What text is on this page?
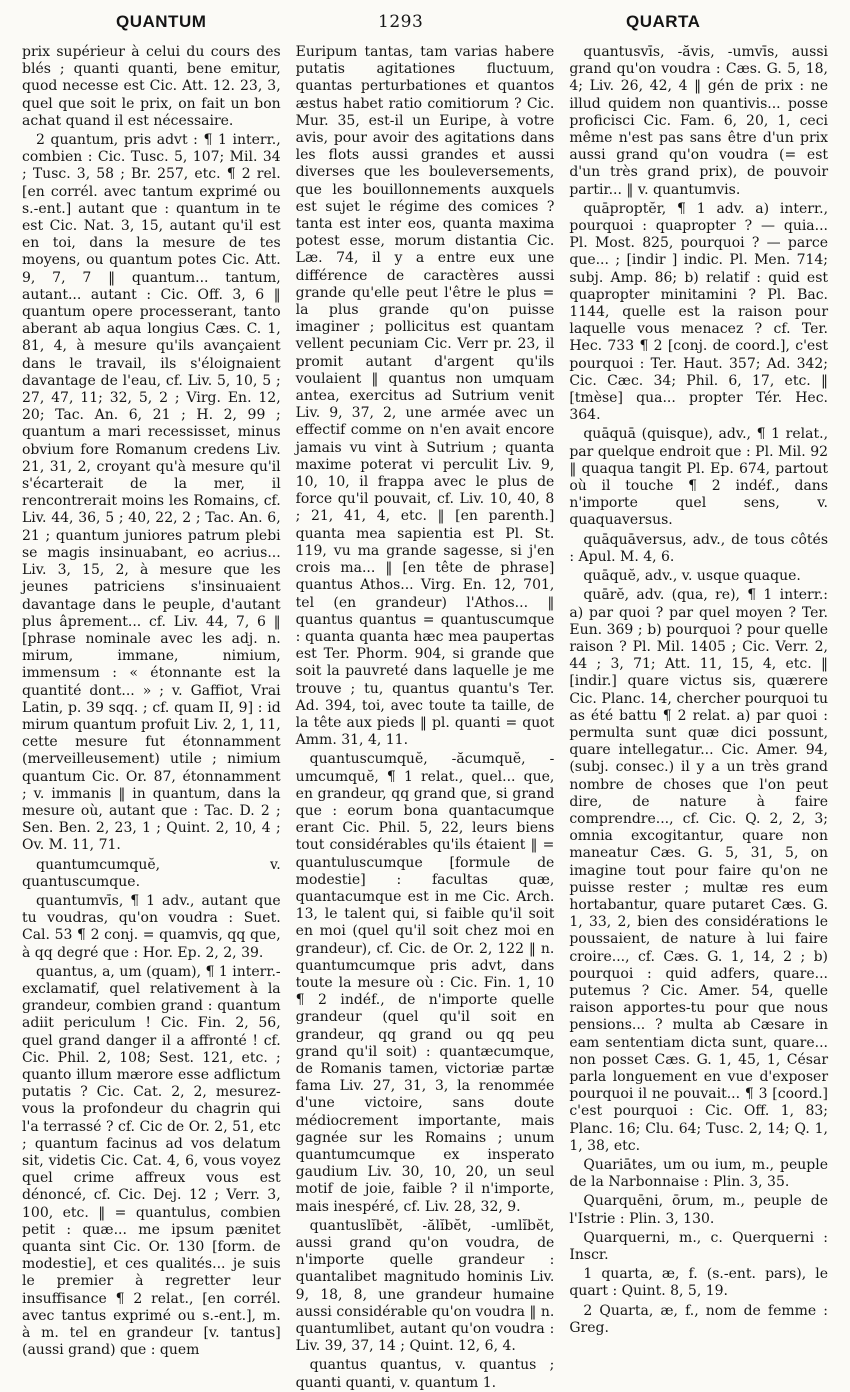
QUANTUM	1293	QUARTA

prix supérieur à celui du cours des blés ; quanti quanti, bene emitur, quod necesse est Cic. Att. 12. 23, 3, quel que soit le prix, on fait un bon achat quand il est nécessaire.

2 quantum, pris advt : ¶ 1 interr., combien : Cic. Tusc. 5, 107; Mil. 34 ; Tusc. 3, 58 ; Br. 257, etc. ¶ 2 rel. [en corrél. avec tantum exprimé ou s.-ent.] autant que : quantum in te est Cic. Nat. 3, 15, autant qu'il est en toi, dans la mesure de tes moyens, ou quantum potes Cic. Att. 9, 7, 7 ‖ quantum... tantum, autant... autant : Cic. Off. 3, 6 ‖ quantum opere processerant, tanto aberant ab aqua longius Cæs. C. 1, 81, 4, à mesure qu'ils avançaient dans le travail, ils s'éloignaient davantage de l'eau, cf. Liv. 5, 10, 5 ; 27, 47, 11; 32, 5, 2 ; Virg. En. 12, 20; Tac. An. 6, 21 ; H. 2, 99 ; quantum a mari recessisset, minus obvium fore Romanum credens Liv. 21, 31, 2, croyant qu'à mesure qu'il s'écarterait de la mer, il rencontrerait moins les Romains, cf. Liv. 44, 36, 5 ; 40, 22, 2 ; Tac. An. 6, 21 ; quantum juniores patrum plebi se magis insinuabant, eo acrius... Liv. 3, 15, 2, à mesure que les jeunes patriciens s'insinuaient davantage dans le peuple, d'autant plus âprement... cf. Liv. 44, 7, 6 ‖ [phrase nominale avec les adj. n. mirum, immane, nimium, immensum : « étonnante est la quantité dont... » ; v. Gaffiot, Vrai Latin, p. 39 sqq. ; cf. quam II, 9] : id mirum quantum profuit Liv. 2, 1, 11, cette mesure fut étonnamment (merveilleusement) utile ; nimium quantum Cic. Or. 87, étonnamment ; v. immanis ‖ in quantum, dans la mesure où, autant que : Tac. D. 2 ; Sen. Ben. 2, 23, 1 ; Quint. 2, 10, 4 ; Ov. M. 11, 71.

quantumcumquĕ, v. quantuscumque.

quantumvīs, ¶ 1 adv., autant que tu voudras, qu'on voudra : Suet. Cal. 53 ¶ 2 conj. = quamvis, qq que, à qq degré que : Hor. Ep. 2, 2, 39.

quantus, a, um (quam), ¶ 1 interr.-exclamatif, quel relativement à la grandeur, combien grand : quantum adiit periculum ! Cic. Fin. 2, 56, quel grand danger il a affronté ! cf. Cic. Phil. 2, 108; Sest. 121, etc. ; quanto illum mærore esse adflictum putatis ? Cic. Cat. 2, 2, mesurez-vous la profondeur du chagrin qui l'a terrassé ? cf. Cic de Or. 2, 51, etc ; quantum facinus ad vos delatum sit, videtis Cic. Cat. 4, 6, vous voyez quel crime affreux vous est dénoncé, cf. Cic. Dej. 12 ; Verr. 3, 100, etc. ‖ = quantulus, combien petit : quæ... me ipsum pænitet quanta sint Cic. Or. 130 [form. de modestie], et ces qualités... je suis le premier à regretter leur insuffisance ¶ 2 relat., [en corrél. avec tantus exprimé ou s.-ent.], m. à m. tel en grandeur [v. tantus] (aussi grand) que : quem

Euripum tantas, tam varias habere putatis agitationes fluctuum, quantas perturbationes et quantos æstus habet ratio comitiorum ? Cic. Mur. 35, est-il un Euripe, à votre avis, pour avoir des agitations dans les flots aussi grandes et aussi diverses que les bouleversements, que les bouillonnements auxquels est sujet le régime des comices ? tanta est inter eos, quanta maxima potest esse, morum distantia Cic. Læ. 74, il y a entre eux une différence de caractères aussi grande qu'elle peut l'être le plus = la plus grande qu'on puisse imaginer ; pollicitus est quantam vellent pecuniam Cic. Verr pr. 23, il promit autant d'argent qu'ils voulaient ‖ quantus non umquam antea, exercitus ad Sutrium venit Liv. 9, 37, 2, une armée avec un effectif comme on n'en avait encore jamais vu vint à Sutrium ; quanta maxime poterat vi perculit Liv. 9, 10, 10, il frappa avec le plus de force qu'il pouvait, cf. Liv. 10, 40, 8 ; 21, 41, 4, etc. ‖ [en parenth.] quanta mea sapientia est Pl. St. 119, vu ma grande sagesse, si j'en crois ma... ‖ [en tête de phrase] quantus Athos... Virg. En. 12, 701, tel (en grandeur) l'Athos... ‖ quantus quantus = quantuscumque : quanta quanta hæc mea paupertas est Ter. Phorm. 904, si grande que soit la pauvreté dans laquelle je me trouve ; tu, quantus quantu's Ter. Ad. 394, toi, avec toute ta taille, de la tête aux pieds ‖ pl. quanti = quot Amm. 31, 4, 11.

quantuscumquĕ, -ăcumquĕ, -umcumquĕ, ¶ 1 relat., quel... que, en grandeur, qq grand que, si grand que : eorum bona quantacumque erant Cic. Phil. 5, 22, leurs biens tout considérables qu'ils étaient ‖ = quantuluscumque [formule de modestie] : facultas quæ, quantacumque est in me Cic. Arch. 13, le talent qui, si faible qu'il soit en moi (quel qu'il soit chez moi en grandeur), cf. Cic. de Or. 2, 122 ‖ n. quantumcumque pris advt, dans toute la mesure où : Cic. Fin. 1, 10 ¶ 2 indéf., de n'importe quelle grandeur (quel qu'il soit en grandeur, qq grand ou qq peu grand qu'il soit) : quantæcumque, de Romanis tamen, victoriæ partæ fama Liv. 27, 31, 3, la renommée d'une victoire, sans doute médiocrement importante, mais gagnée sur les Romains ; unum quantumcumque ex insperato gaudium Liv. 30, 10, 20, un seul motif de joie, faible ? il n'importe, mais inespéré, cf. Liv. 28, 32, 9.

quantuslĭbĕt, -ălĭbĕt, -umlĭbĕt, aussi grand qu'on voudra, de n'importe quelle grandeur : quantalibet magnitudo hominis Liv. 9, 18, 8, une grandeur humaine aussi considérable qu'on voudra ‖ n. quantumlibet, autant qu'on voudra : Liv. 39, 37, 14 ; Quint. 12, 6, 4.

quantus quantus, v. quantus ; quanti quanti, v. quantum 1.

quantusvīs, -ăvis, -umvīs, aussi grand qu'on voudra : Cæs. G. 5, 18, 4; Liv. 26, 42, 4 ‖ gén de prix : ne illud quidem non quantivis... posse proficisci Cic. Fam. 6, 20, 1, ceci même n'est pas sans être d'un prix aussi grand qu'on voudra (= est d'un très grand prix), de pouvoir partir... ‖ v. quantumvis.

quāproptĕr, ¶ 1 adv. a) interr., pourquoi : quapropter ? — quia... Pl. Most. 825, pourquoi ? — parce que... ; [indir ] indic. Pl. Men. 714; subj. Amp. 86; b) relatif : quid est quapropter minitamini ? Pl. Bac. 1144, quelle est la raison pour laquelle vous menacez ? cf. Ter. Hec. 733 ¶ 2 [conj. de coord.], c'est pourquoi : Ter. Haut. 357; Ad. 342; Cic. Cæc. 34; Phil. 6, 17, etc. ‖ [tmèse] qua... propter Tér. Hec. 364.

quāquā (quisque), adv., ¶ 1 relat., par quelque endroit que : Pl. Mil. 92 ‖ quaqua tangit Pl. Ep. 674, partout où il touche ¶ 2 indéf., dans n'importe quel sens, v. quaquaversus.

quāquāversus, adv., de tous côtés : Apul. M. 4, 6.

quāquĕ, adv., v. usque quaque.

quārĕ, adv. (qua, re), ¶ 1 interr.: a) par quoi ? par quel moyen ? Ter. Eun. 369 ; b) pourquoi ? pour quelle raison ? Pl. Mil. 1405 ; Cic. Verr. 2, 44 ; 3, 71; Att. 11, 15, 4, etc. ‖ [indir.] quare victus sis, quærere Cic. Planc. 14, chercher pourquoi tu as été battu ¶ 2 relat. a) par quoi : permulta sunt quæ dici possunt, quare intellegatur... Cic. Amer. 94, (subj. consec.) il y a un très grand nombre de choses que l'on peut dire, de nature à faire comprendre..., cf. Cic. Q. 2, 2, 3; omnia excogitantur, quare non maneatur Cæs. G. 5, 31, 5, on imagine tout pour faire qu'on ne puisse rester ; multæ res eum hortabantur, quare putaret Cæs. G. 1, 33, 2, bien des considérations le poussaient, de nature à lui faire croire..., cf. Cæs. G. 1, 14, 2 ; b) pourquoi : quid adfers, quare... putemus ? Cic. Amer. 54, quelle raison apportes-tu pour que nous pensions... ? multa ab Cæsare in eam sententiam dicta sunt, quare... non posset Cæs. G. 1, 45, 1, César parla longuement en vue d'exposer pourquoi il ne pouvait... ¶ 3 [coord.] c'est pourquoi : Cic. Off. 1, 83; Planc. 16; Clu. 64; Tusc. 2, 14; Q. 1, 1, 38, etc.

Quariātes, um ou ium, m., peuple de la Narbonnaise : Plin. 3, 35.

Quarquēni, ōrum, m., peuple de l'Istrie : Plin. 3, 130.

Quarquerni, m., c. Querquerni : Inscr.

1 quarta, æ, f. (s.-ent. pars), le quart : Quint. 8, 5, 19.

2 Quarta, æ, f., nom de femme : Greg.
